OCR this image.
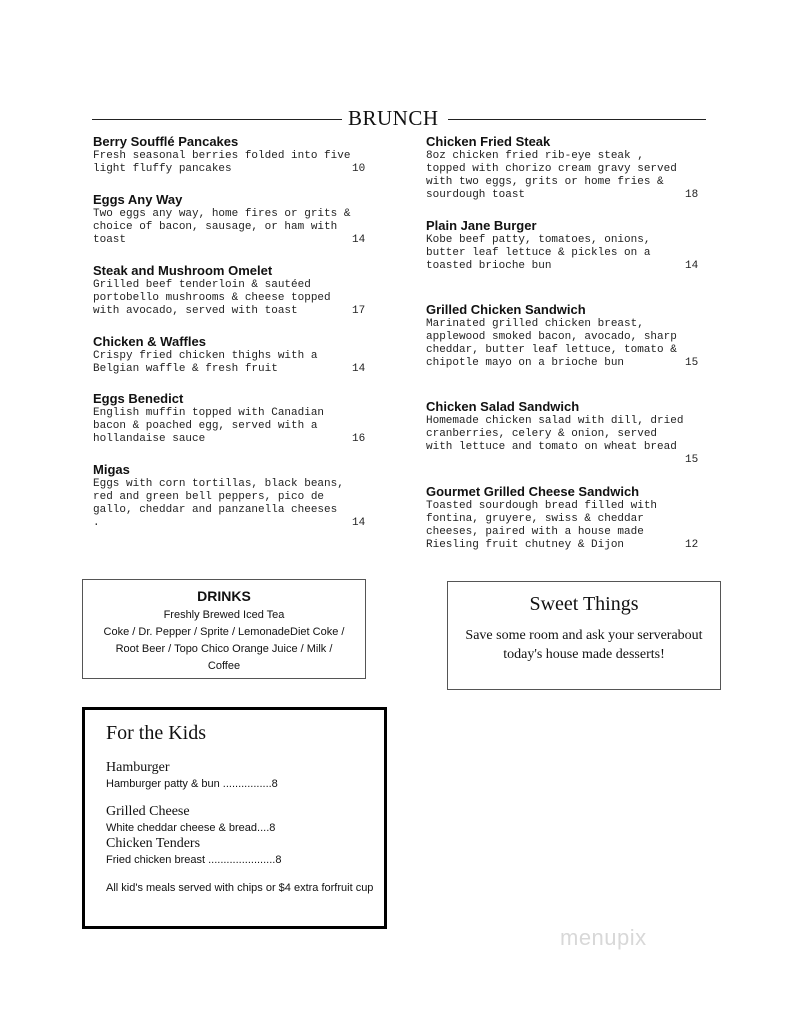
BRUNCH
Berry Soufflé Pancakes
Fresh seasonal berries folded into five
light fluffy pancakes	10
Eggs Any Way
Two eggs any way, home fires or grits &
choice of bacon, sausage, or ham with
toast	14
Steak and Mushroom Omelet
Grilled beef tenderloin & sautéed
portobello mushrooms & cheese topped
with avocado, served with toast	17
Chicken & Waffles
Crispy fried chicken thighs with a
Belgian waffle & fresh fruit	14
Eggs Benedict
English muffin topped with Canadian
bacon & poached egg, served with a
hollandaise sauce	16
Migas
Eggs with corn tortillas, black beans,
red and green bell peppers, pico de
gallo, cheddar and panzanella cheeses
.	14
Chicken Fried Steak
8oz chicken fried rib-eye steak ,
topped with chorizo cream gravy served
with two eggs, grits or home fries &
sourdough toast	18
Plain Jane Burger
Kobe beef patty, tomatoes, onions,
butter leaf lettuce & pickles on a
toasted brioche bun	14
Grilled Chicken Sandwich
Marinated grilled chicken breast,
applewood smoked bacon, avocado, sharp
cheddar, butter leaf lettuce, tomato &
chipotle mayo on a brioche bun	15
Chicken Salad Sandwich
Homemade chicken salad with dill, dried
cranberries, celery & onion, served
with lettuce and tomato on wheat bread
15
Gourmet Grilled Cheese Sandwich
Toasted sourdough bread filled with
fontina, gruyere, swiss & cheddar
cheeses, paired with a house made
Riesling fruit chutney & Dijon	12
DRINKS
Freshly Brewed Iced Tea
Coke / Dr. Pepper / Sprite / LemonadeDiet Coke /
Root Beer / Topo Chico Orange Juice / Milk /
Coffee
Sweet Things
Save some room and ask your serverabout today's house made desserts!
For the Kids
Hamburger
Hamburger patty & bun ................8
Grilled Cheese
White cheddar cheese & bread....8
Chicken Tenders
Fried chicken breast ......................8
All kid's meals served with chips or $4 extra forfruit cup
menupix
